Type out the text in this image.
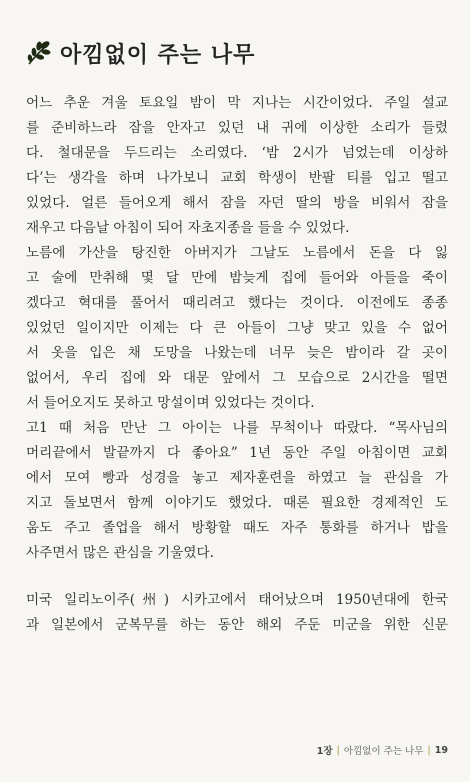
아낌없이 주는 나무
어느 추운 겨울 토요일 밤이 막 지나는 시간이었다. 주일 설교
를 준비하느라 잠을 안자고 있던 내 귀에 이상한 소리가 들렸
다. 철대문을 두드리는 소리였다. ‘밤 2시가 넘었는데 이상하
다’는 생각을 하며 나가보니 교회 학생이 반팔 티를 입고 떨고
있었다. 얼른 들어오게 해서 잠을 자던 딸의 방을 비워서 잠을
재우고 다음날 아침이 되어 자초지종을 들을 수 있었다.
노름에 가산을 탕진한 아버지가 그날도 노름에서 돈을 다 잃
고 술에 만취해 몇 달 만에 밤늦게 집에 들어와 아들을 죽이
겠다고 혁대를 풀어서 때리려고 했다는 것이다. 이전에도 종종
있었던 일이지만 이제는 다 큰 아들이 그냥 맞고 있을 수 없어
서 옷을 입은 채 도망을 나왔는데 너무 늦은 밤이라 갈 곳이
없어서, 우리 집에 와 대문 앞에서 그 모습으로 2시간을 떨면
서 들어오지도 못하고 망설이며 있었다는 것이다.
고1 때 처음 만난 그 아이는 나를 무척이나 따랐다. “목사님의
머리끝에서 발끝까지 다 좋아요” 1년 동안 주일 아침이면 교회
에서 모여 빵과 성경을 놓고 제자훈련을 하였고 늘 관심을 가
지고 돌보면서 함께 이야기도 했었다. 때론 필요한 경제적인 도
움도 주고 졸업을 해서 방황할 때도 자주 통화를 하거나 밥을
사주면서 많은 관심을 기울였다.
미국 일리노이주(州) 시카고에서 태어났으며 1950년대에 한국
과 일본에서 군복무를 하는 동안 해외 주둔 미군을 위한 신문
1장 | 아낌없이 주는 나무 | 19
